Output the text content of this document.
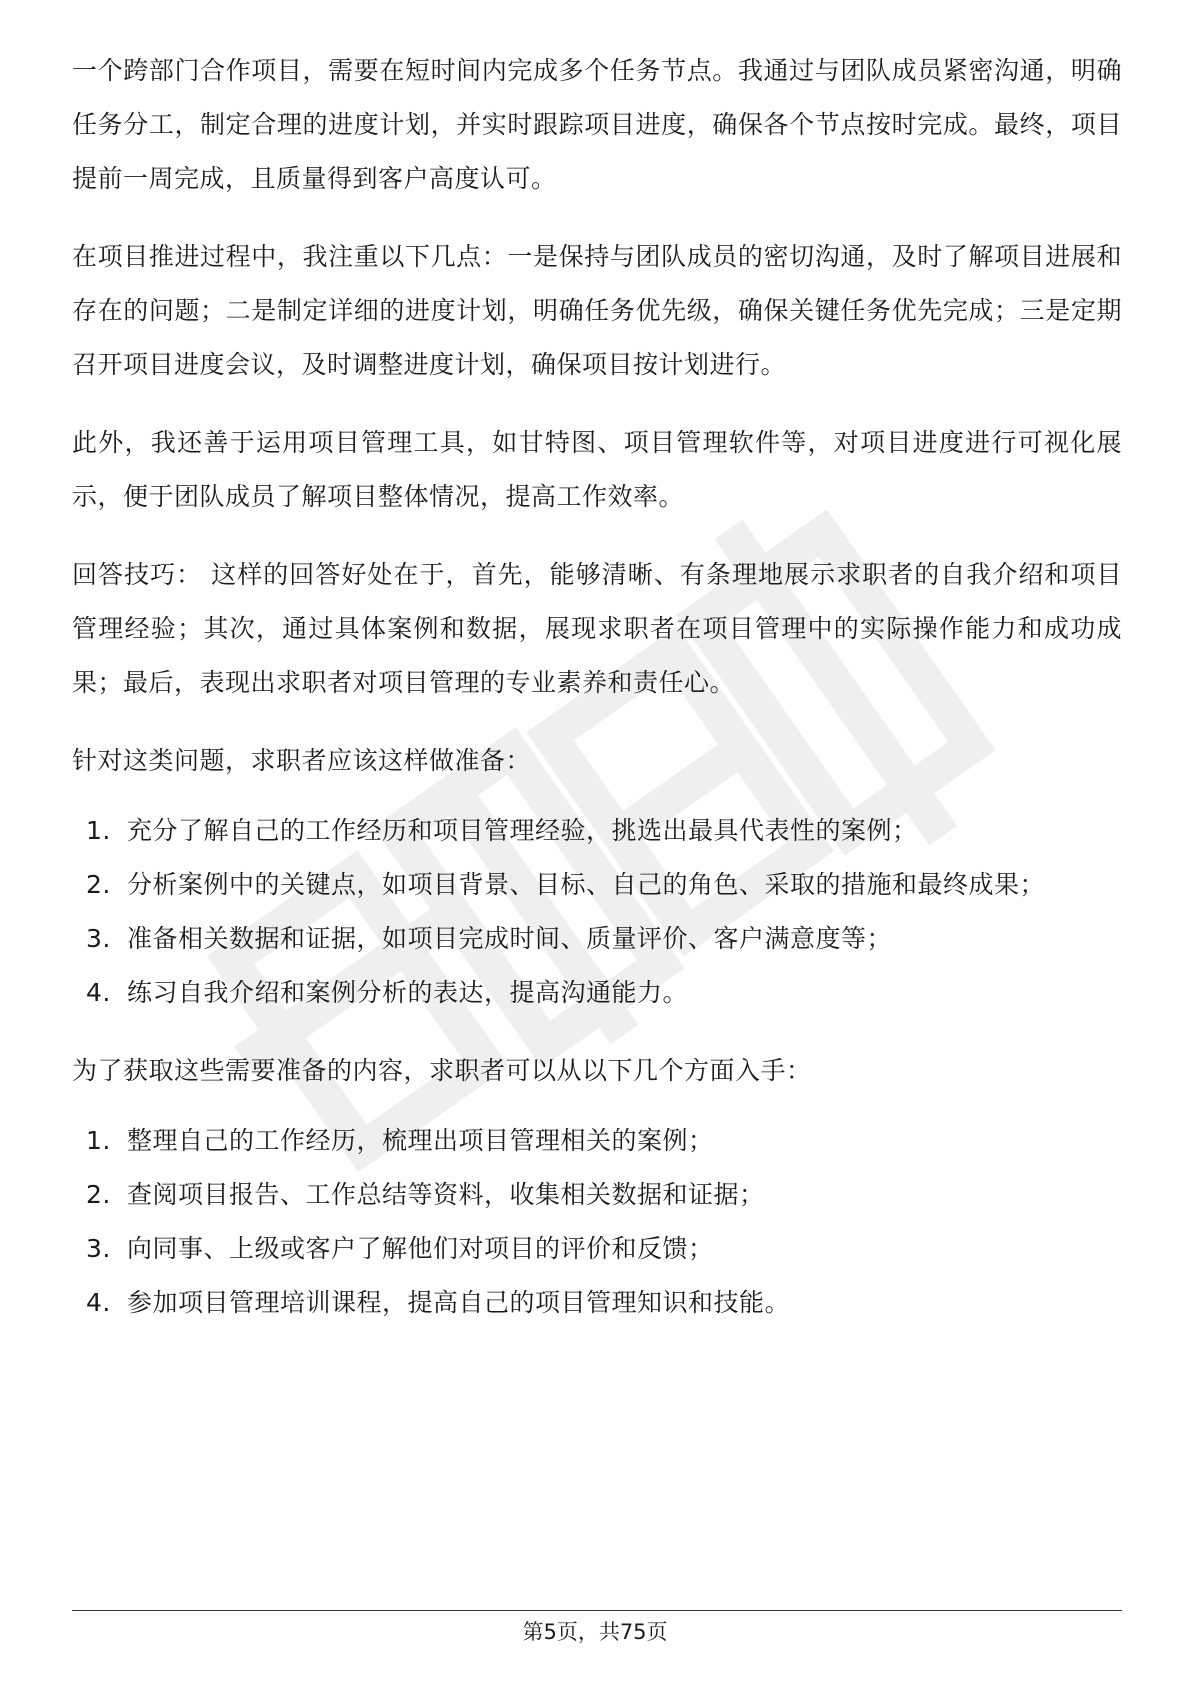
一个跨部门合作项目，需要在短时间内完成多个任务节点。我通过与团队成员紧密沟通，明确任务分工，制定合理的进度计划，并实时跟踪项目进度，确保各个节点按时完成。最终，项目提前一周完成，且质量得到客户高度认可。

在项目推进过程中，我注重以下几点：一是保持与团队成员的密切沟通，及时了解项目进展和存在的问题；二是制定详细的进度计划，明确任务优先级，确保关键任务优先完成；三是定期召开项目进度会议，及时调整进度计划，确保项目按计划进行。

此外，我还善于运用项目管理工具，如甘特图、项目管理软件等，对项目进度进行可视化展示，便于团队成员了解项目整体情况，提高工作效率。

回答技巧： 这样的回答好处在于，首先，能够清晰、有条理地展示求职者的自我介绍和项目管理经验；其次，通过具体案例和数据，展现求职者在项目管理中的实际操作能力和成功成果；最后，表现出求职者对项目管理的专业素养和责任心。

针对这类问题，求职者应该这样做准备：

1. 充分了解自己的工作经历和项目管理经验，挑选出最具代表性的案例；
2. 分析案例中的关键点，如项目背景、目标、自己的角色、采取的措施和最终成果；
3. 准备相关数据和证据，如项目完成时间、质量评价、客户满意度等；
4. 练习自我介绍和案例分析的表达，提高沟通能力。

为了获取这些需要准备的内容，求职者可以从以下几个方面入手：

1. 整理自己的工作经历，梳理出项目管理相关的案例；
2. 查阅项目报告、工作总结等资料，收集相关数据和证据；
3. 向同事、上级或客户了解他们对项目的评价和反馈；
4. 参加项目管理培训课程，提高自己的项目管理知识和技能。
第5页，共75页
